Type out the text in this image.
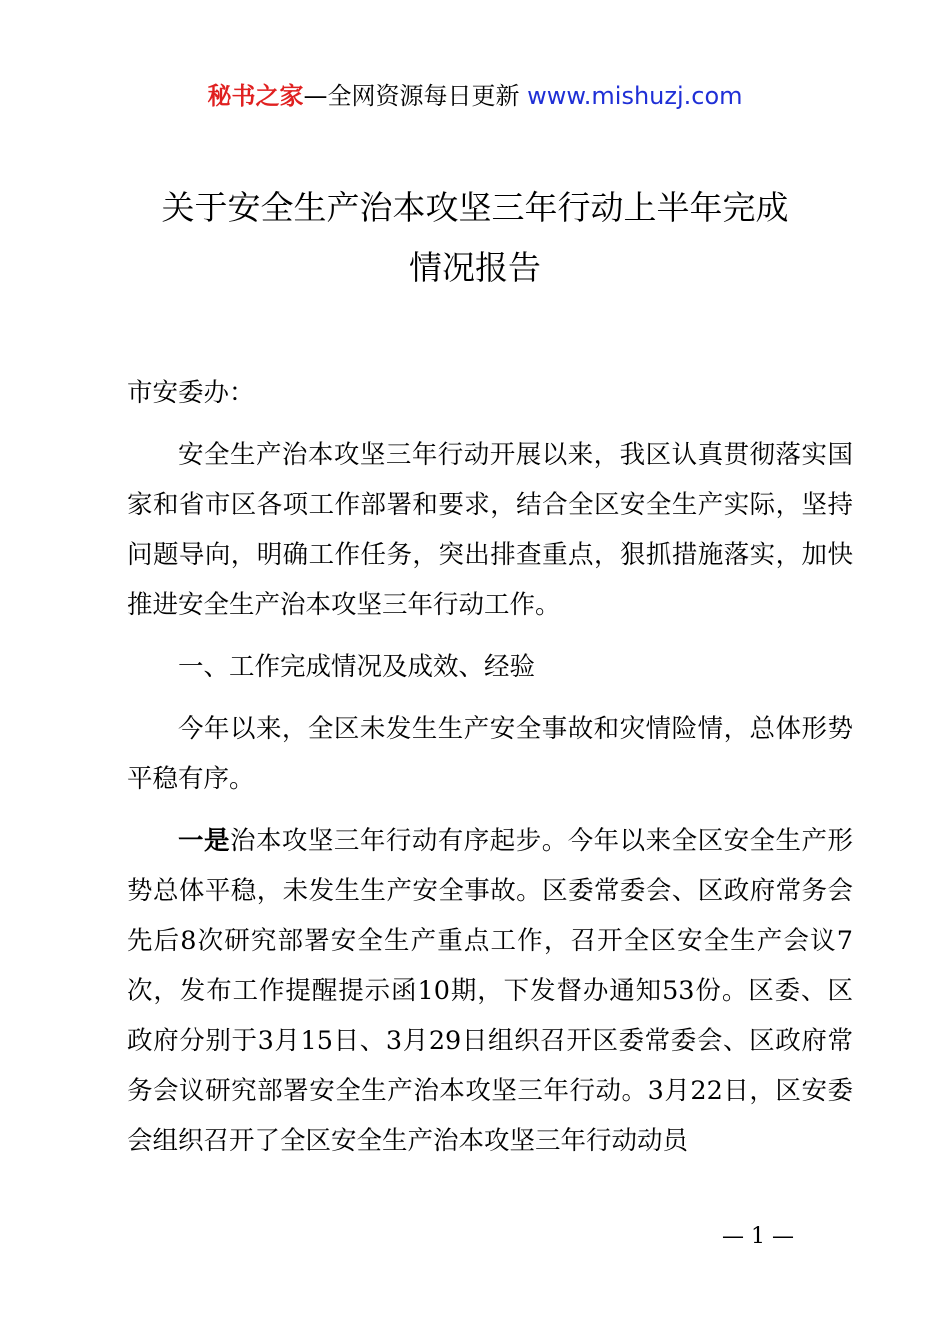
秘书之家—全网资源每日更新 www.mishuzj.com
关于安全生产治本攻坚三年行动上半年完成
情况报告

市安委办：

安全生产治本攻坚三年行动开展以来，我区认真贯彻落实国家和省市区各项工作部署和要求，结合全区安全生产实际，坚持问题导向，明确工作任务，突出排查重点，狠抓措施落实，加快推进安全生产治本攻坚三年行动工作。

一、工作完成情况及成效、经验

今年以来，全区未发生生产安全事故和灾情险情，总体形势平稳有序。

一是治本攻坚三年行动有序起步。今年以来全区安全生产形势总体平稳，未发生生产安全事故。区委常委会、区政府常务会先后8次研究部署安全生产重点工作，召开全区安全生产会议7次，发布工作提醒提示函10期，下发督办通知53份。区委、区政府分别于3月15日、3月29日组织召开区委常委会、区政府常务会议研究部署安全生产治本攻坚三年行动。3月22日，区安委会组织召开了全区安全生产治本攻坚三年行动动员

— 1 —
